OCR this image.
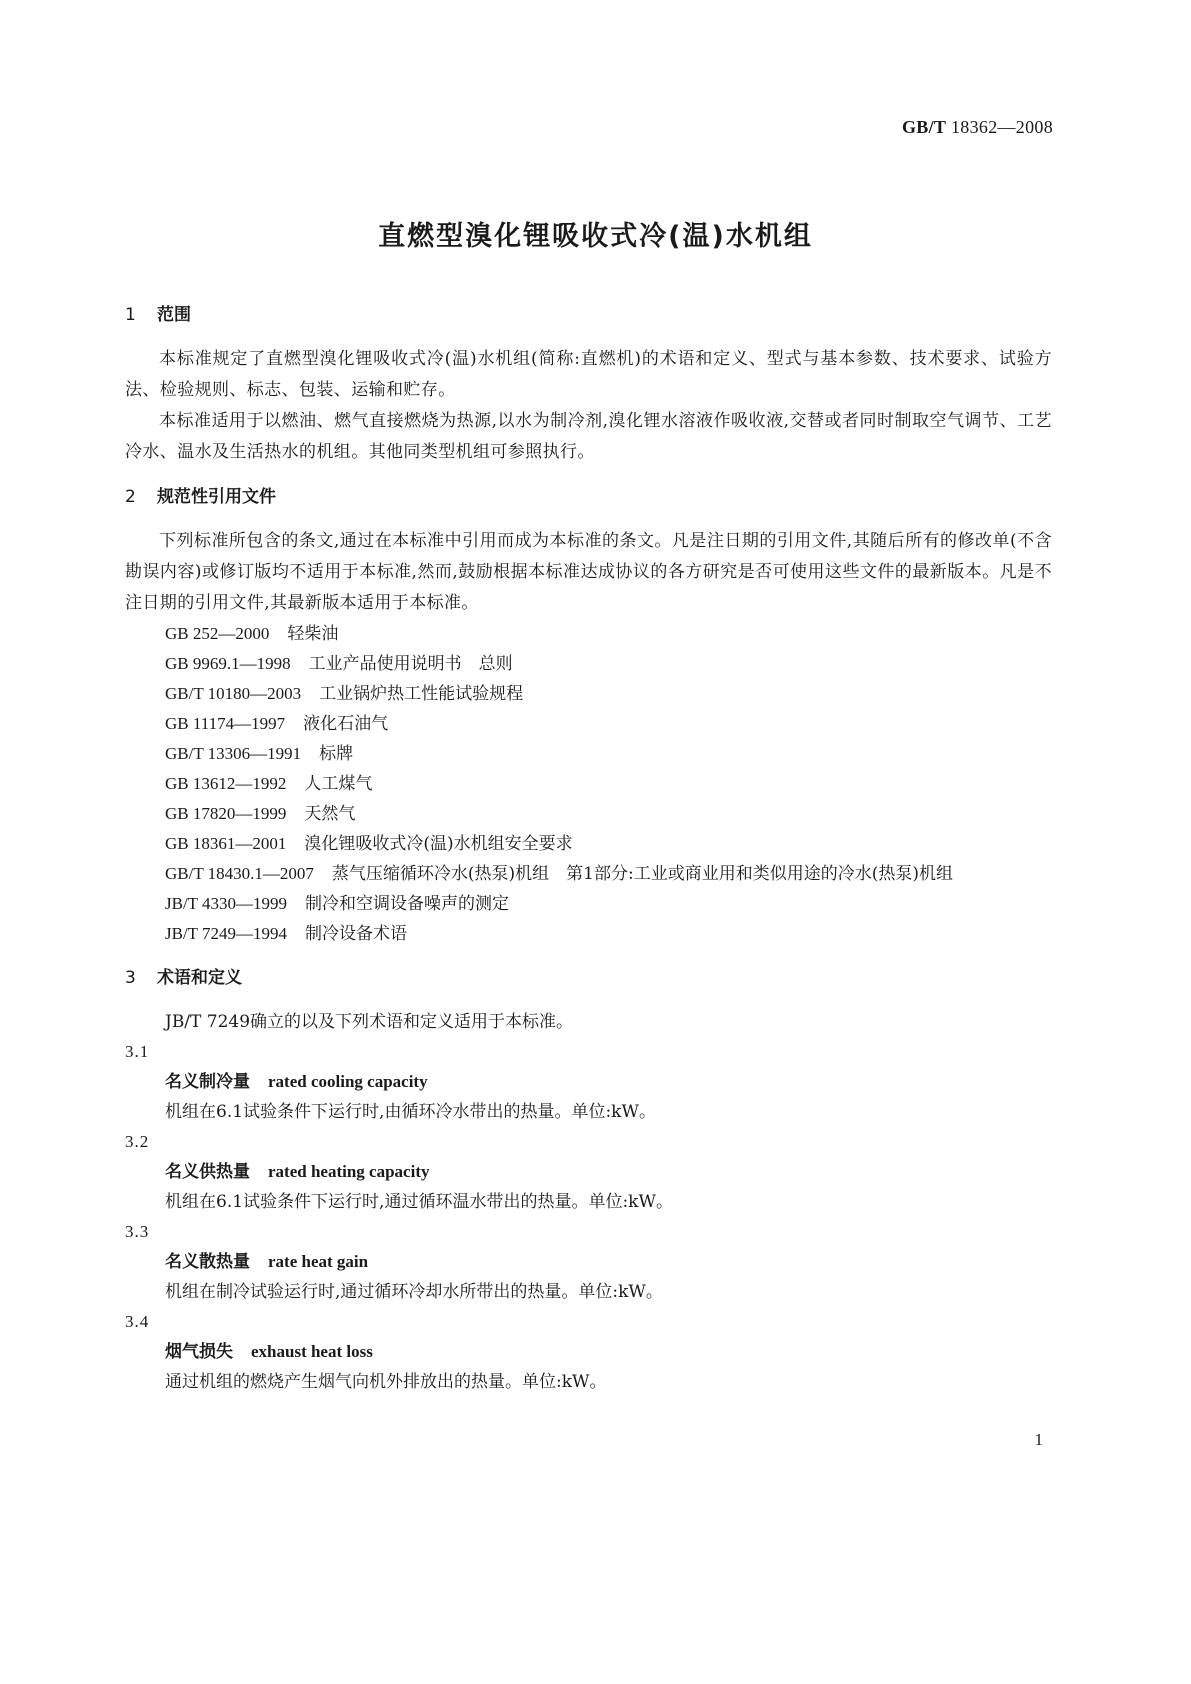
GB/T 18362—2008
直燃型溴化锂吸收式冷(温)水机组
1 范围

本标准规定了直燃型溴化锂吸收式冷(温)水机组(简称:直燃机)的术语和定义、型式与基本参数、技术要求、试验方法、检验规则、标志、包装、运输和贮存。

本标准适用于以燃油、燃气直接燃烧为热源,以水为制冷剂,溴化锂水溶液作吸收液,交替或者同时制取空气调节、工艺冷水、温水及生活热水的机组。其他同类型机组可参照执行。

2 规范性引用文件

下列标准所包含的条文,通过在本标准中引用而成为本标准的条文。凡是注日期的引用文件,其随后所有的修改单(不含勘误内容)或修订版均不适用于本标准,然而,鼓励根据本标准达成协议的各方研究是否可使用这些文件的最新版本。凡是不注日期的引用文件,其最新版本适用于本标准。

GB 252—2000 轻柴油

GB 9969.1—1998 工业产品使用说明书　总则

GB/T 10180—2003 工业锅炉热工性能试验规程

GB 11174—1997 液化石油气

GB/T 13306—1991 标牌

GB 13612—1992 人工煤气

GB 17820—1999 天然气

GB 18361—2001 溴化锂吸收式冷(温)水机组安全要求

GB/T 18430.1—2007 蒸气压缩循环冷水(热泵)机组　第1部分:工业或商业用和类似用途的冷水(热泵)机组

JB/T 4330—1999 制冷和空调设备噪声的测定

JB/T 7249—1994 制冷设备术语

3 术语和定义

JB/T 7249确立的以及下列术语和定义适用于本标准。

3.1

名义制冷量 rated cooling capacity

机组在6.1试验条件下运行时,由循环冷水带出的热量。单位:kW。

3.2

名义供热量 rated heating capacity

机组在6.1试验条件下运行时,通过循环温水带出的热量。单位:kW。

3.3

名义散热量 rate heat gain

机组在制冷试验运行时,通过循环冷却水所带出的热量。单位:kW。

3.4

烟气损失 exhaust heat loss

通过机组的燃烧产生烟气向机外排放出的热量。单位:kW。

1
